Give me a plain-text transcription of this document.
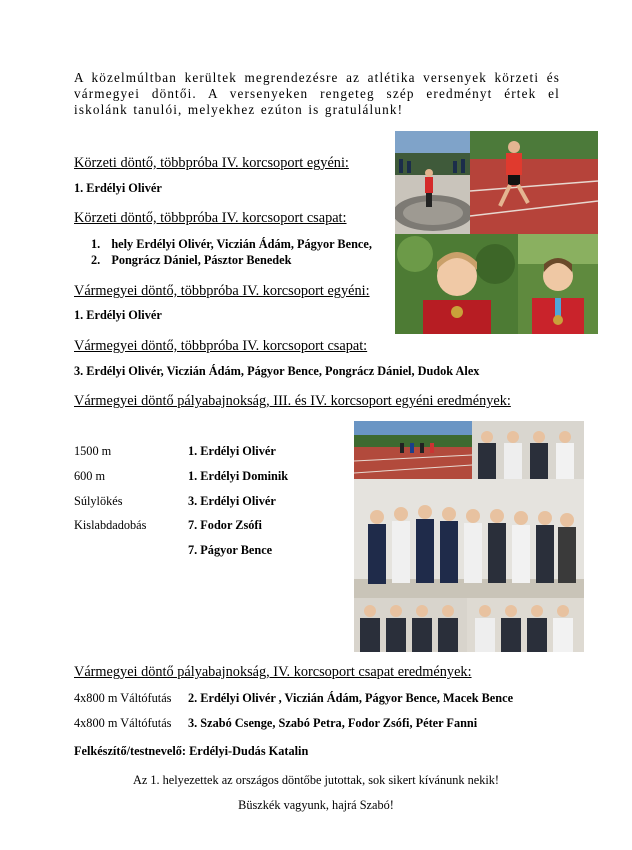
A közelmúltban kerültek megrendezésre az atlétika versenyek körzeti és vármegyei döntői. A versenyeken rengeteg szép eredményt értek el iskolánk tanulói, melyekhez ezúton is gratulálunk!
Körzeti döntő, többpróba IV. korcsoport egyéni:
1. Erdélyi Olivér
Körzeti döntő, többpróba IV. korcsoport csapat:
1. hely Erdélyi Olivér, Viczián Ádám, Págyor Bence,
2. Pongrácz Dániel, Pásztor Benedek
Vármegyei döntő, többpróba IV. korcsoport egyéni:
1. Erdélyi Olivér
Vármegyei döntő, többpróba IV. korcsoport csapat:
3. Erdélyi Olivér, Viczián Ádám, Págyor Bence, Pongrácz Dániel, Dudok Alex
Vármegyei döntő pályabajnokság, III. és IV. korcsoport egyéni eredmények:
1500 m	1. Erdélyi Olivér
600 m	1. Erdélyi Dominik
Súlylökés	3. Erdélyi Olivér
Kislabdadobás	7. Fodor Zsófi
7. Págyor Bence
Vármegyei döntő pályabajnokság, IV. korcsoport csapat eredmények:
4x800 m Váltófutás 2. Erdélyi Olivér , Viczián Ádám, Págyor Bence, Macek Bence
4x800 m Váltófutás 3. Szabó Csenge, Szabó Petra, Fodor Zsófi, Péter Fanni
Felkészítő/testnevelő: Erdélyi-Dudás Katalin
Az 1. helyezettek az országos döntőbe jutottak, sok sikert kívánunk nekik!
Büszkék vagyunk, hajrá Szabó!
